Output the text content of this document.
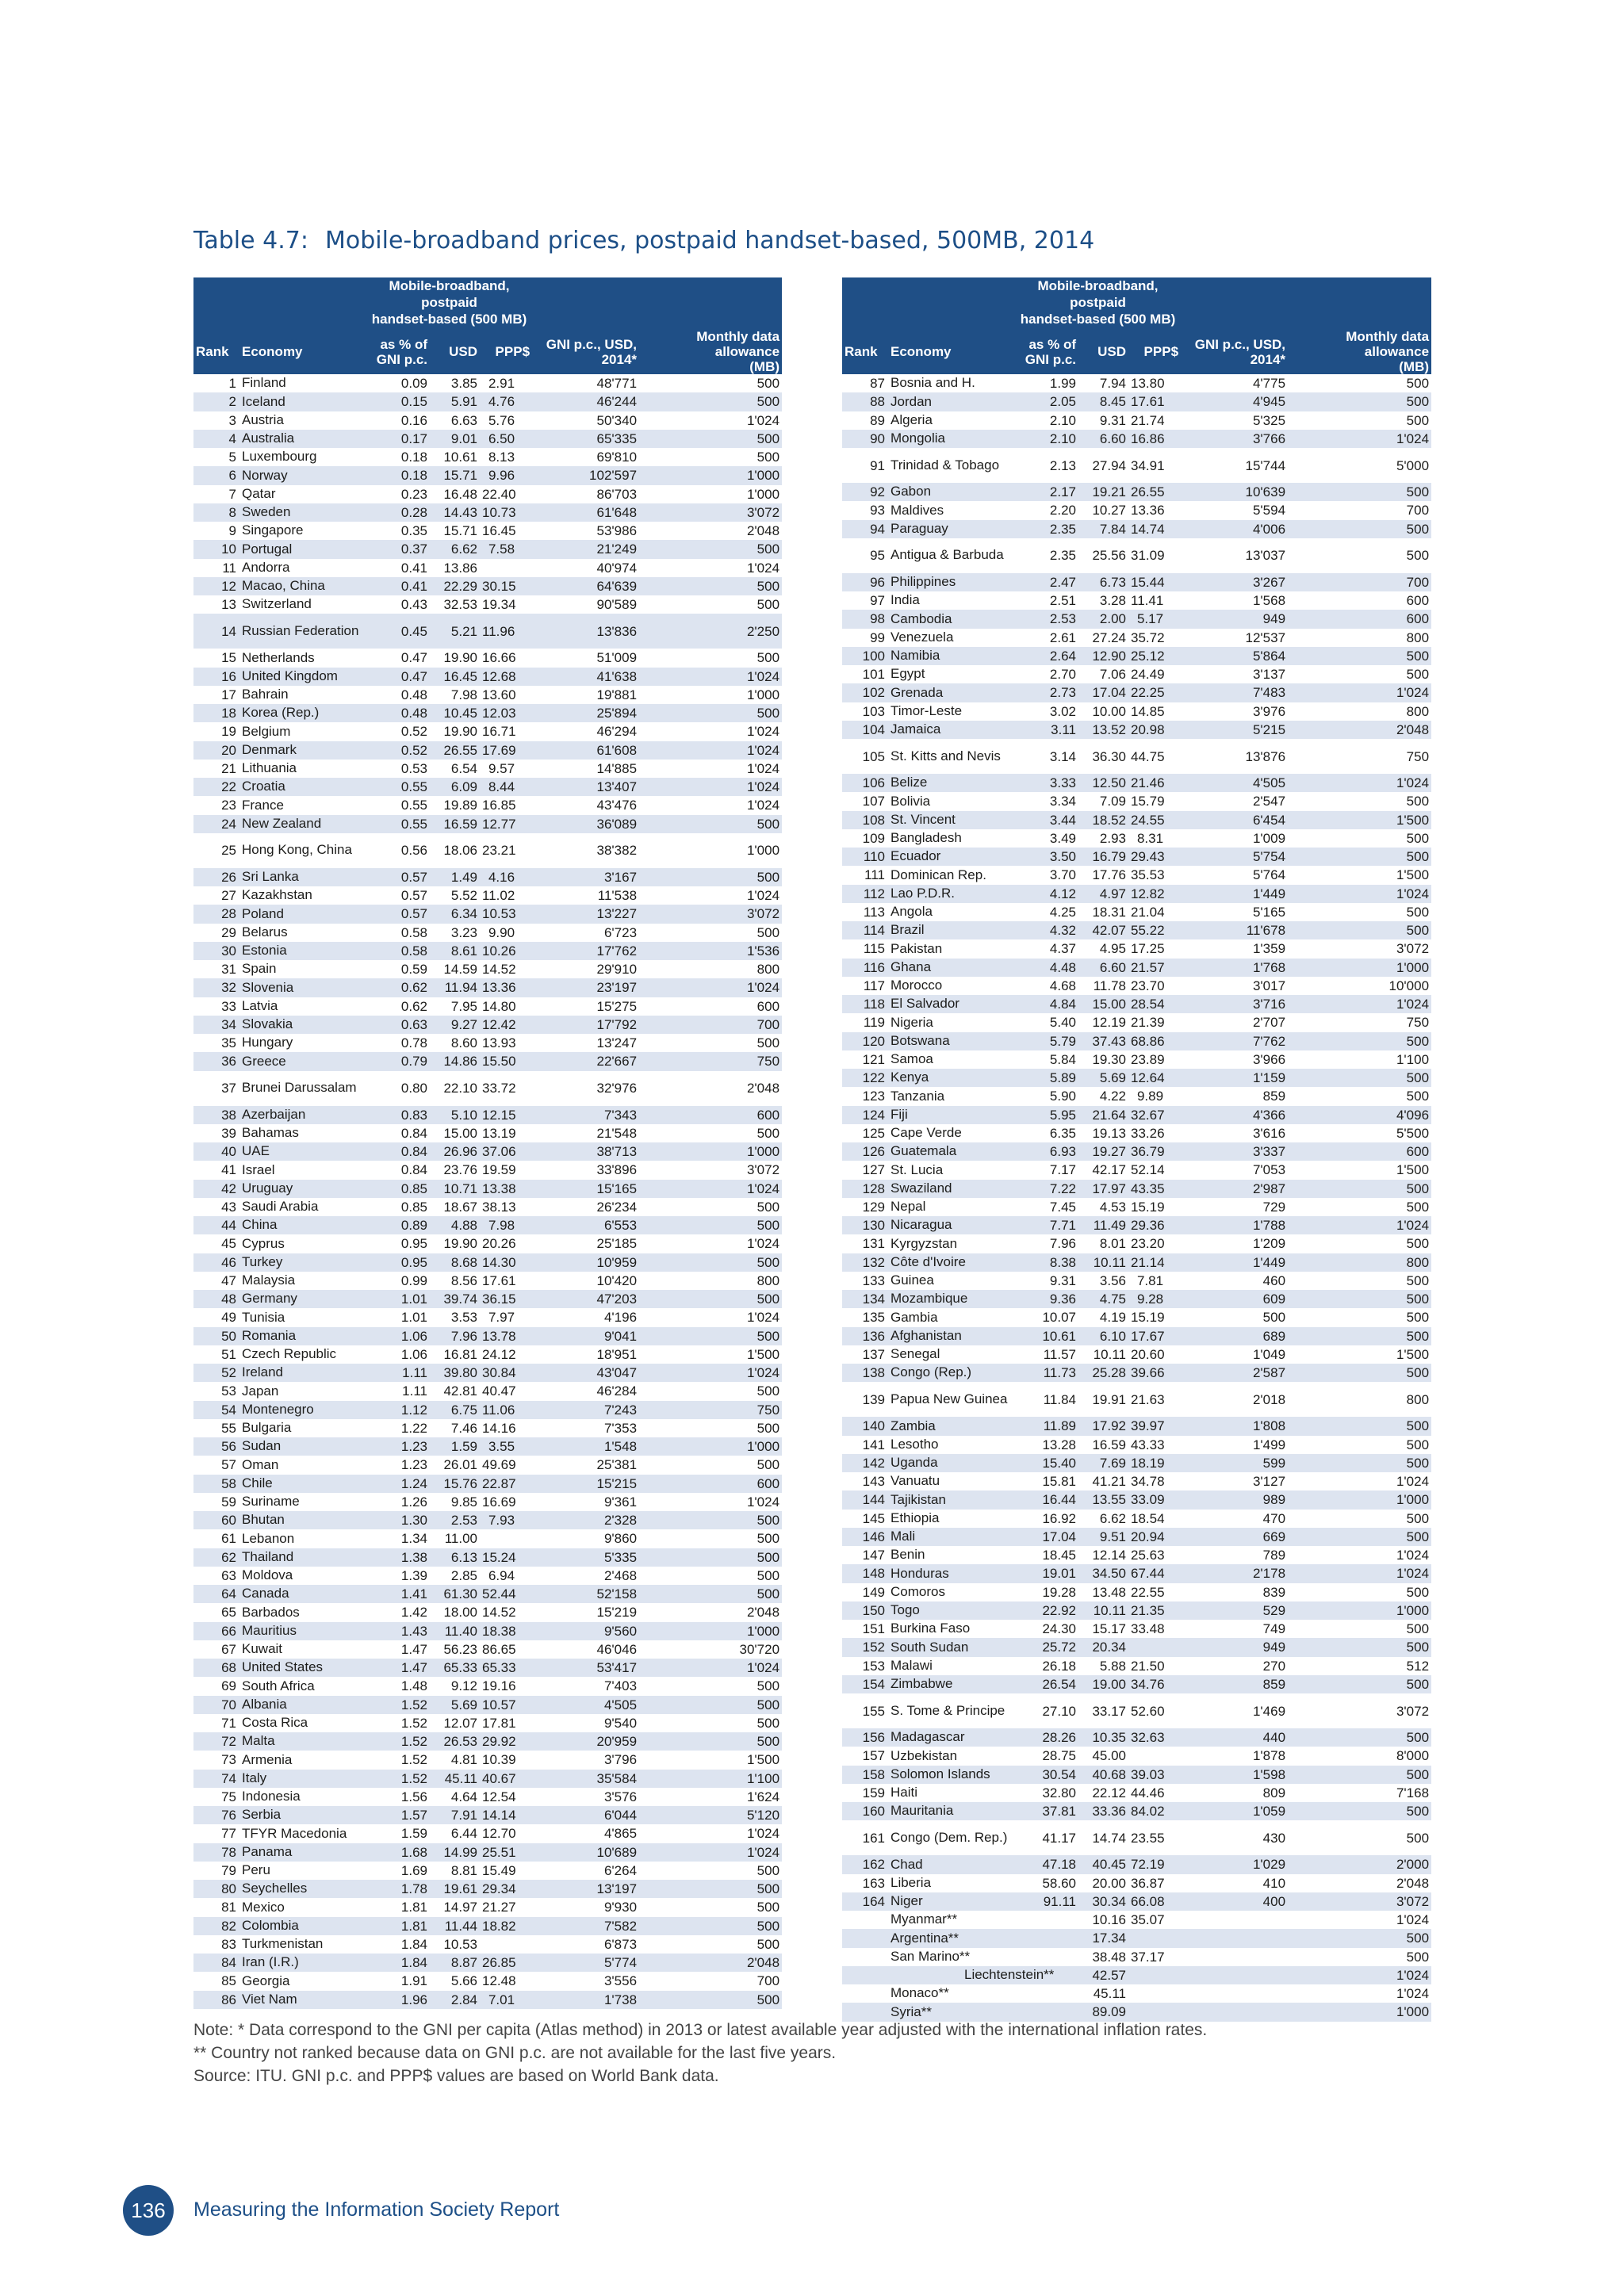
Table 4.7: Mobile-broadband prices, postpaid handset-based, 500MB, 2014

		Mobile-broadband,
postpaid
handset-based (500 MB)				

Rank	Economy	as % of
GNI p.c.	USD	PPP$	GNI p.c., USD,
2014*	Monthly data
allowance
(MB)

1	Finland	0.09	3.85	2.91	48'771	500
2	Iceland	0.15	5.91	4.76	46'244	500
3	Austria	0.16	6.63	5.76	50'340	1'024
4	Australia	0.17	9.01	6.50	65'335	500
5	Luxembourg	0.18	10.61	8.13	69'810	500
6	Norway	0.18	15.71	9.96	102'597	1'000
7	Qatar	0.23	16.48	22.40	86'703	1'000
8	Sweden	0.28	14.43	10.73	61'648	3'072
9	Singapore	0.35	15.71	16.45	53'986	2'048
10	Portugal	0.37	6.62	7.58	21'249	500
11	Andorra	0.41	13.86		40'974	1'024
12	Macao, China	0.41	22.29	30.15	64'639	500
13	Switzerland	0.43	32.53	19.34	90'589	500
14	Russian Federation	0.45	5.21	11.96	13'836	2'250
15	Netherlands	0.47	19.90	16.66	51'009	500
16	United Kingdom	0.47	16.45	12.68	41'638	1'024
17	Bahrain	0.48	7.98	13.60	19'881	1'000
18	Korea (Rep.)	0.48	10.45	12.03	25'894	500
19	Belgium	0.52	19.90	16.71	46'294	1'024
20	Denmark	0.52	26.55	17.69	61'608	1'024
21	Lithuania	0.53	6.54	9.57	14'885	1'024
22	Croatia	0.55	6.09	8.44	13'407	1'024
23	France	0.55	19.89	16.85	43'476	1'024
24	New Zealand	0.55	16.59	12.77	36'089	500
25	Hong Kong, China	0.56	18.06	23.21	38'382	1'000
26	Sri Lanka	0.57	1.49	4.16	3'167	500
27	Kazakhstan	0.57	5.52	11.02	11'538	1'024
28	Poland	0.57	6.34	10.53	13'227	3'072
29	Belarus	0.58	3.23	9.90	6'723	500
30	Estonia	0.58	8.61	10.26	17'762	1'536
31	Spain	0.59	14.59	14.52	29'910	800
32	Slovenia	0.62	11.94	13.36	23'197	1'024
33	Latvia	0.62	7.95	14.80	15'275	600
34	Slovakia	0.63	9.27	12.42	17'792	700
35	Hungary	0.78	8.60	13.93	13'247	500
36	Greece	0.79	14.86	15.50	22'667	750
37	Brunei Darussalam	0.80	22.10	33.72	32'976	2'048
38	Azerbaijan	0.83	5.10	12.15	7'343	600
39	Bahamas	0.84	15.00	13.19	21'548	500
40	UAE	0.84	26.96	37.06	38'713	1'000
41	Israel	0.84	23.76	19.59	33'896	3'072
42	Uruguay	0.85	10.71	13.38	15'165	1'024
43	Saudi Arabia	0.85	18.67	38.13	26'234	500
44	China	0.89	4.88	7.98	6'553	500
45	Cyprus	0.95	19.90	20.26	25'185	1'024
46	Turkey	0.95	8.68	14.30	10'959	500
47	Malaysia	0.99	8.56	17.61	10'420	800
48	Germany	1.01	39.74	36.15	47'203	500
49	Tunisia	1.01	3.53	7.97	4'196	1'024
50	Romania	1.06	7.96	13.78	9'041	500
51	Czech Republic	1.06	16.81	24.12	18'951	1'500
52	Ireland	1.11	39.80	30.84	43'047	1'024
53	Japan	1.11	42.81	40.47	46'284	500
54	Montenegro	1.12	6.75	11.06	7'243	750
55	Bulgaria	1.22	7.46	14.16	7'353	500
56	Sudan	1.23	1.59	3.55	1'548	1'000
57	Oman	1.23	26.01	49.69	25'381	500
58	Chile	1.24	15.76	22.87	15'215	600
59	Suriname	1.26	9.85	16.69	9'361	1'024
60	Bhutan	1.30	2.53	7.93	2'328	500
61	Lebanon	1.34	11.00		9'860	500
62	Thailand	1.38	6.13	15.24	5'335	500
63	Moldova	1.39	2.85	6.94	2'468	500
64	Canada	1.41	61.30	52.44	52'158	500
65	Barbados	1.42	18.00	14.52	15'219	2'048
66	Mauritius	1.43	11.40	18.38	9'560	1'000
67	Kuwait	1.47	56.23	86.65	46'046	30'720
68	United States	1.47	65.33	65.33	53'417	1'024
69	South Africa	1.48	9.12	19.16	7'403	500
70	Albania	1.52	5.69	10.57	4'505	500
71	Costa Rica	1.52	12.07	17.81	9'540	500
72	Malta	1.52	26.53	29.92	20'959	500
73	Armenia	1.52	4.81	10.39	3'796	1'500
74	Italy	1.52	45.11	40.67	35'584	1'100
75	Indonesia	1.56	4.64	12.54	3'576	1'624
76	Serbia	1.57	7.91	14.14	6'044	5'120
77	TFYR Macedonia	1.59	6.44	12.70	4'865	1'024
78	Panama	1.68	14.99	25.51	10'689	1'024
79	Peru	1.69	8.81	15.49	6'264	500
80	Seychelles	1.78	19.61	29.34	13'197	500
81	Mexico	1.81	14.97	21.27	9'930	500
82	Colombia	1.81	11.44	18.82	7'582	500
83	Turkmenistan	1.84	10.53		6'873	500
84	Iran (I.R.)	1.84	8.87	26.85	5'774	2'048
85	Georgia	1.91	5.66	12.48	3'556	700
86	Viet Nam	1.96	2.84	7.01	1'738	500

		Mobile-broadband,
postpaid
handset-based (500 MB)				

Rank	Economy	as % of
GNI p.c.	USD	PPP$	GNI p.c., USD,
2014*	Monthly data
allowance
(MB)

87	Bosnia and H.	1.99	7.94	13.80	4'775	500
88	Jordan	2.05	8.45	17.61	4'945	500
89	Algeria	2.10	9.31	21.74	5'325	500
90	Mongolia	2.10	6.60	16.86	3'766	1'024
91	Trinidad & Tobago	2.13	27.94	34.91	15'744	5'000
92	Gabon	2.17	19.21	26.55	10'639	500
93	Maldives	2.20	10.27	13.36	5'594	700
94	Paraguay	2.35	7.84	14.74	4'006	500
95	Antigua & Barbuda	2.35	25.56	31.09	13'037	500
96	Philippines	2.47	6.73	15.44	3'267	700
97	India	2.51	3.28	11.41	1'568	600
98	Cambodia	2.53	2.00	5.17	949	600
99	Venezuela	2.61	27.24	35.72	12'537	800
100	Namibia	2.64	12.90	25.12	5'864	500
101	Egypt	2.70	7.06	24.49	3'137	500
102	Grenada	2.73	17.04	22.25	7'483	1'024
103	Timor-Leste	3.02	10.00	14.85	3'976	800
104	Jamaica	3.11	13.52	20.98	5'215	2'048
105	St. Kitts and Nevis	3.14	36.30	44.75	13'876	750
106	Belize	3.33	12.50	21.46	4'505	1'024
107	Bolivia	3.34	7.09	15.79	2'547	500
108	St. Vincent	3.44	18.52	24.55	6'454	1'500
109	Bangladesh	3.49	2.93	8.31	1'009	500
110	Ecuador	3.50	16.79	29.43	5'754	500
111	Dominican Rep.	3.70	17.76	35.53	5'764	1'500
112	Lao P.D.R.	4.12	4.97	12.82	1'449	1'024
113	Angola	4.25	18.31	21.04	5'165	500
114	Brazil	4.32	42.07	55.22	11'678	500
115	Pakistan	4.37	4.95	17.25	1'359	3'072
116	Ghana	4.48	6.60	21.57	1'768	1'000
117	Morocco	4.68	11.78	23.70	3'017	10'000
118	El Salvador	4.84	15.00	28.54	3'716	1'024
119	Nigeria	5.40	12.19	21.39	2'707	750
120	Botswana	5.79	37.43	68.86	7'762	500
121	Samoa	5.84	19.30	23.89	3'966	1'100
122	Kenya	5.89	5.69	12.64	1'159	500
123	Tanzania	5.90	4.22	9.89	859	500
124	Fiji	5.95	21.64	32.67	4'366	4'096
125	Cape Verde	6.35	19.13	33.26	3'616	5'500
126	Guatemala	6.93	19.27	36.79	3'337	600
127	St. Lucia	7.17	42.17	52.14	7'053	1'500
128	Swaziland	7.22	17.97	43.35	2'987	500
129	Nepal	7.45	4.53	15.19	729	500
130	Nicaragua	7.71	11.49	29.36	1'788	1'024
131	Kyrgyzstan	7.96	8.01	23.20	1'209	500
132	Côte d'Ivoire	8.38	10.11	21.14	1'449	800
133	Guinea	9.31	3.56	7.81	460	500
134	Mozambique	9.36	4.75	9.28	609	500
135	Gambia	10.07	4.19	15.19	500	500
136	Afghanistan	10.61	6.10	17.67	689	500
137	Senegal	11.57	10.11	20.60	1'049	1'500
138	Congo (Rep.)	11.73	25.28	39.66	2'587	500
139	Papua New Guinea	11.84	19.91	21.63	2'018	800
140	Zambia	11.89	17.92	39.97	1'808	500
141	Lesotho	13.28	16.59	43.33	1'499	500
142	Uganda	15.40	7.69	18.19	599	500
143	Vanuatu	15.81	41.21	34.78	3'127	1'024
144	Tajikistan	16.44	13.55	33.09	989	1'000
145	Ethiopia	16.92	6.62	18.54	470	500
146	Mali	17.04	9.51	20.94	669	500
147	Benin	18.45	12.14	25.63	789	1'024
148	Honduras	19.01	34.50	67.44	2'178	1'024
149	Comoros	19.28	13.48	22.55	839	500
150	Togo	22.92	10.11	21.35	529	1'000
151	Burkina Faso	24.30	15.17	33.48	749	500
152	South Sudan	25.72	20.34		949	500
153	Malawi	26.18	5.88	21.50	270	512
154	Zimbabwe	26.54	19.00	34.76	859	500
155	S. Tome & Principe	27.10	33.17	52.60	1'469	3'072
156	Madagascar	28.26	10.35	32.63	440	500
157	Uzbekistan	28.75	45.00		1'878	8'000
158	Solomon Islands	30.54	40.68	39.03	1'598	500
159	Haiti	32.80	22.12	44.46	809	7'168
160	Mauritania	37.81	33.36	84.02	1'059	500
161	Congo (Dem. Rep.)	41.17	14.74	23.55	430	500
162	Chad	47.18	40.45	72.19	1'029	2'000
163	Liberia	58.60	20.00	36.87	410	2'048
164	Niger	91.11	30.34	66.08	400	3'072
	Myanmar**		10.16	35.07		1'024
	Argentina**		17.34			500
	San Marino**		38.48	37.17		500
	Liechtenstein**		42.57			1'024
	Monaco**		45.11			1'024
	Syria**		89.09			1'000
Note: * Data correspond to the GNI per capita (Atlas method) in 2013 or latest available year adjusted with the international inflation rates.
** Country not ranked because data on GNI p.c. are not available for the last five years.
Source: ITU. GNI p.c. and PPP$ values are based on World Bank data.
136	Measuring the Information Society Report
